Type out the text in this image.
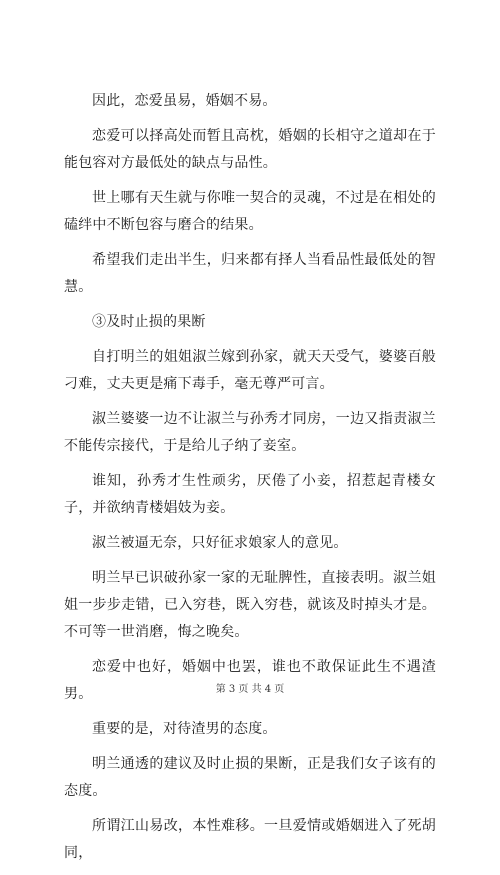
因此，恋爱虽易，婚姻不易。

恋爱可以择高处而暂且高枕，婚姻的长相守之道却在于能包容对方最低处的缺点与品性。

世上哪有天生就与你唯一契合的灵魂，不过是在相处的磕绊中不断包容与磨合的结果。

希望我们走出半生，归来都有择人当看品性最低处的智慧。

③及时止损的果断

自打明兰的姐姐淑兰嫁到孙家，就天天受气，婆婆百般刁难，丈夫更是痛下毒手，毫无尊严可言。

淑兰婆婆一边不让淑兰与孙秀才同房，一边又指责淑兰不能传宗接代，于是给儿子纳了妾室。

谁知，孙秀才生性顽劣，厌倦了小妾，招惹起青楼女子，并欲纳青楼娼妓为妾。

淑兰被逼无奈，只好征求娘家人的意见。

明兰早已识破孙家一家的无耻脾性，直接表明。淑兰姐姐一步步走错，已入穷巷，既入穷巷，就该及时掉头才是。不可等一世消磨，悔之晚矣。

恋爱中也好，婚姻中也罢，谁也不敢保证此生不遇渣男。

重要的是，对待渣男的态度。

明兰通透的建议及时止损的果断，正是我们女子该有的态度。

所谓江山易改，本性难移。一旦爱情或婚姻进入了死胡同，

第 3 页 共 4 页
